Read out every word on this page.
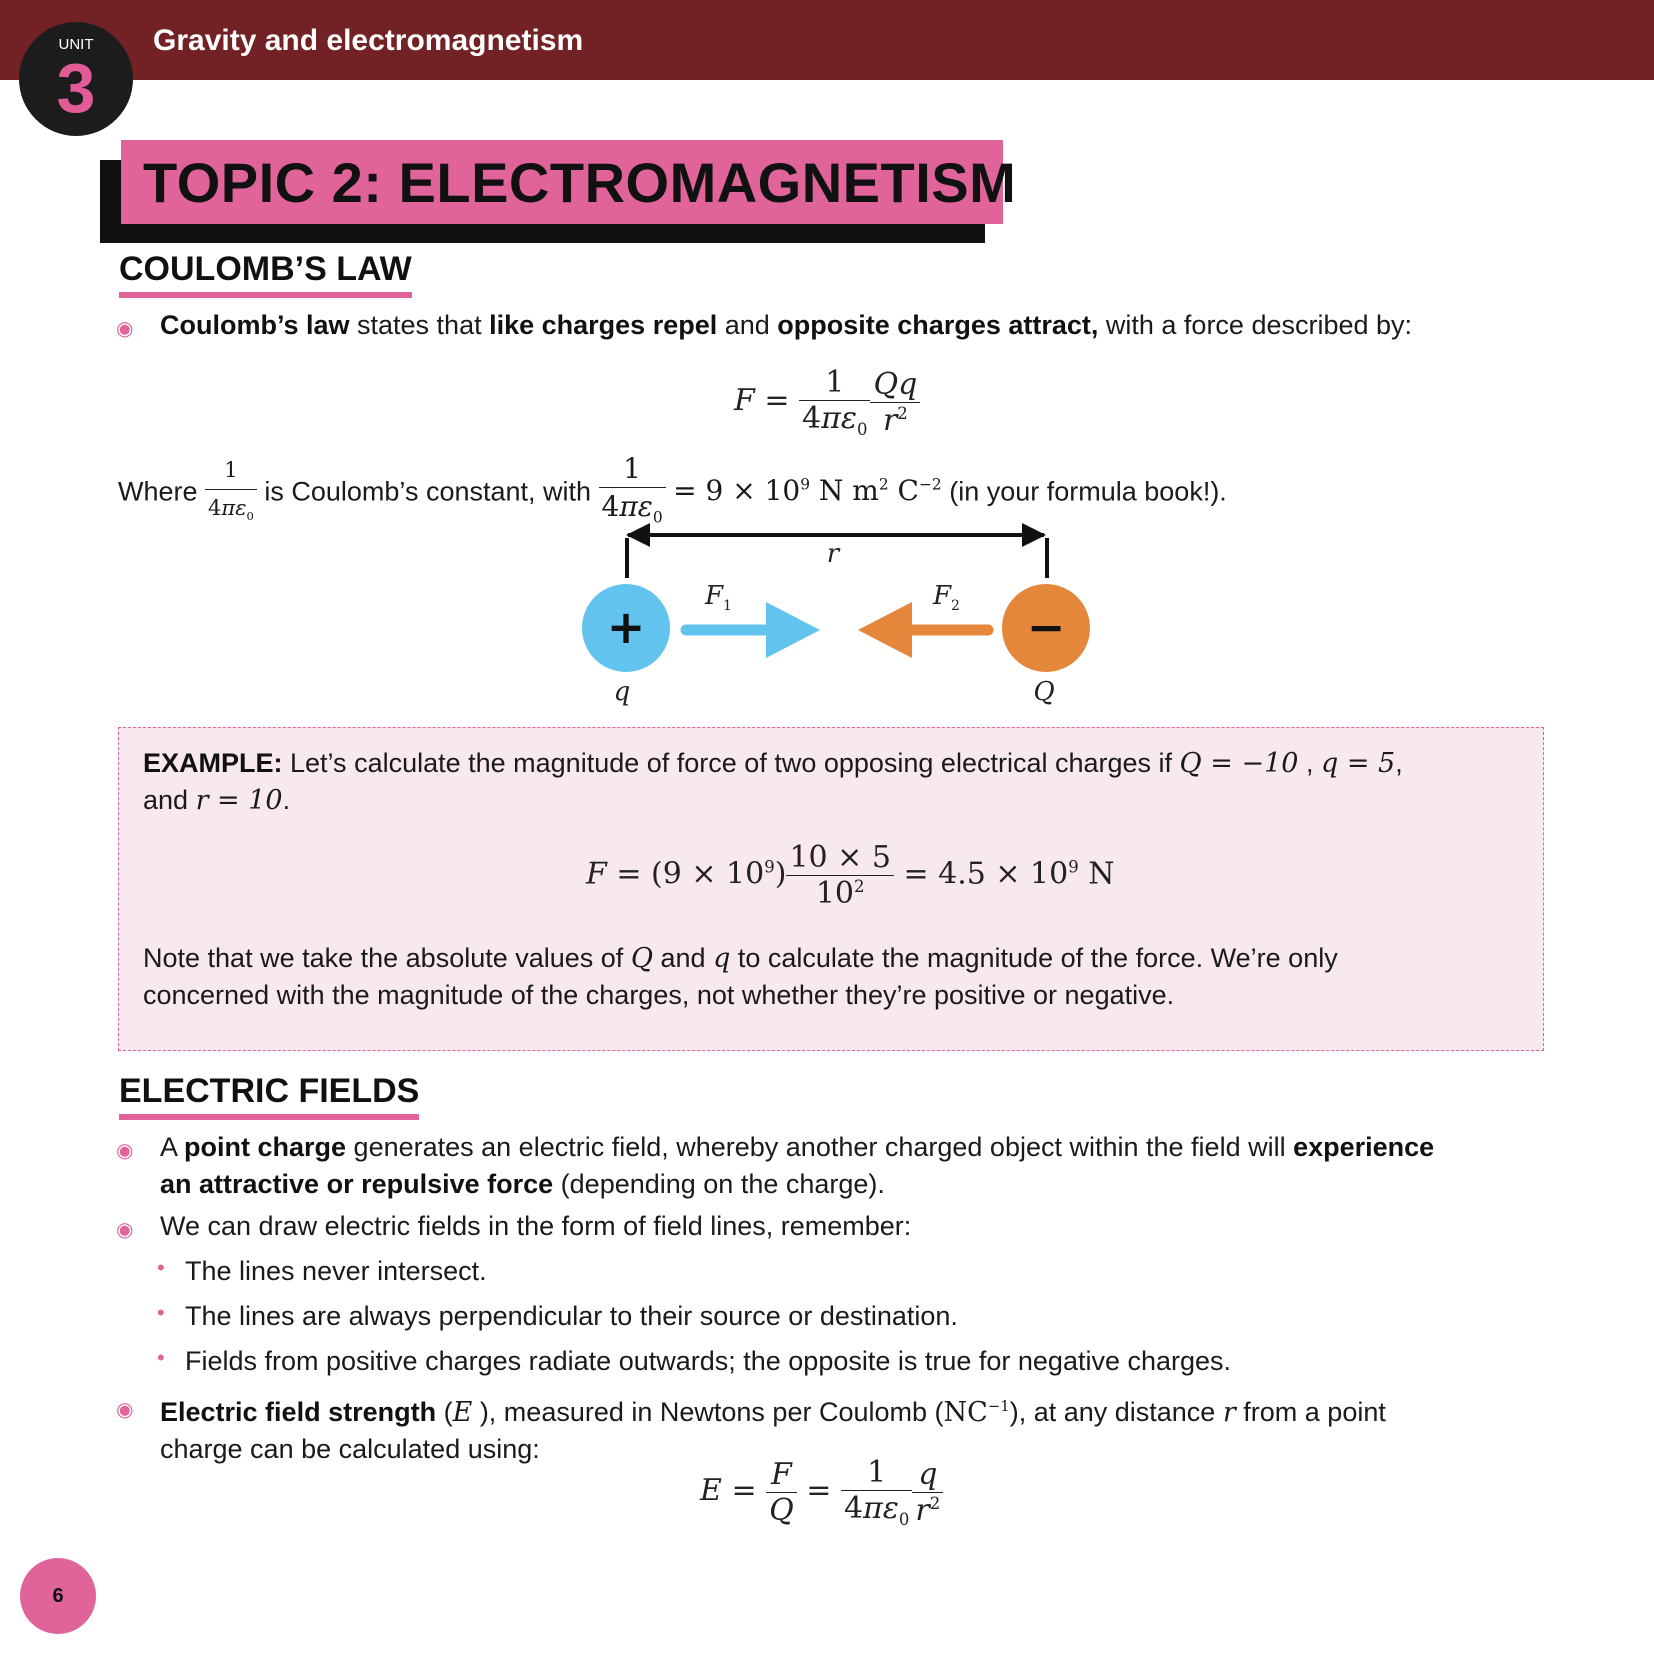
UNIT
3
Gravity and electromagnetism
TOPIC 2: ELECTROMAGNETISM
COULOMB’S LAW
◉ Coulomb’s law states that like charges repel and opposite charges attract, with a force described by:
$F = \frac{1}{4\pi\varepsilon_0} \frac{Qq}{r^2}$
Where $\frac{1}{4\pi\varepsilon_0}$ is Coulomb’s constant, with $\frac{1}{4\pi\varepsilon_0} = 9 \times 10^9$ N $m^2$ $C^{-2}$ (in your formula book!).
r
+	−
$F_1$	$F_2$
q	Q
EXAMPLE: Let’s calculate the magnitude of force of two opposing electrical charges if Q = −10 , q = 5,
and r = 10.
$F = (9 \times 10^9) \frac{10 \times 5}{10^2} = 4.5 \times 10^9$ N
Note that we take the absolute values of Q and q to calculate the magnitude of the force. We’re only
concerned with the magnitude of the charges, not whether they’re positive or negative.
ELECTRIC FIELDS
◉ A point charge generates an electric field, whereby another charged object within the field will experience
an attractive or repulsive force (depending on the charge).
◉ We can draw electric fields in the form of field lines, remember:
• The lines never intersect.
• The lines are always perpendicular to their source or destination.
• Fields from positive charges radiate outwards; the opposite is true for negative charges.
◉ Electric field strength (E ), measured in Newtons per Coulomb $(NC^{-1})$, at any distance r from a point
charge can be calculated using:
$E = \frac{F}{Q} = \frac{1}{4\pi\varepsilon_0} \frac{q}{r^2}$
6
